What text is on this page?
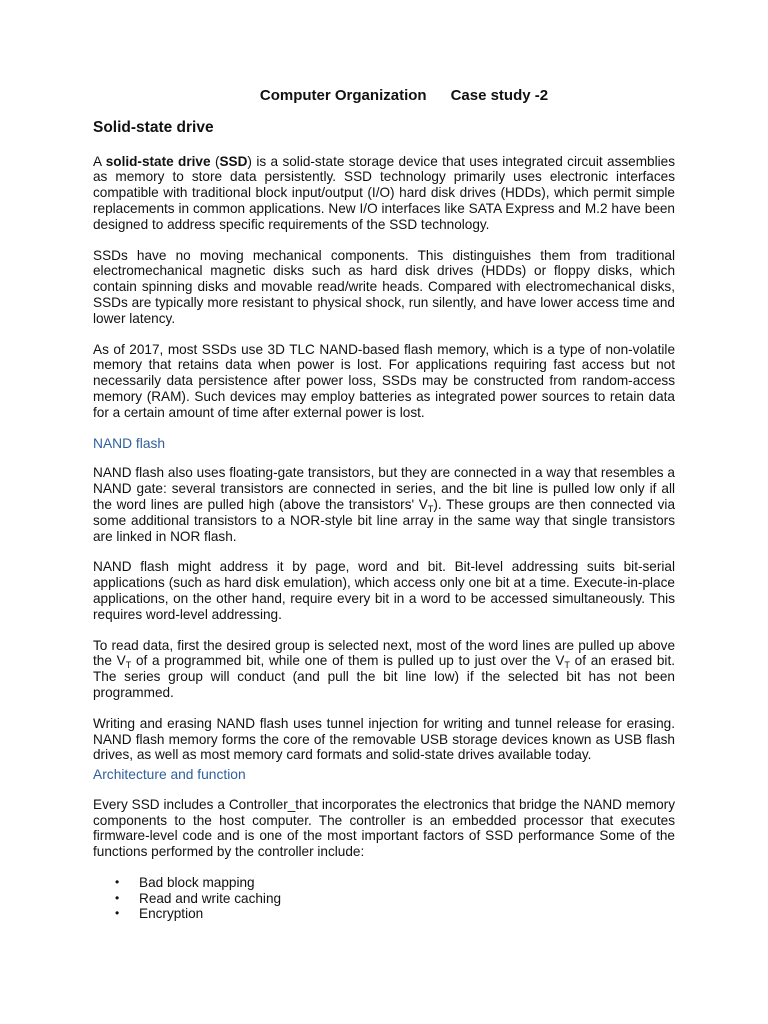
Computer Organization Case study -2
Solid-state drive
A solid-state drive (SSD) is a solid-state storage device that uses integrated circuit assemblies as memory to store data persistently. SSD technology primarily uses electronic interfaces compatible with traditional block input/output (I/O) hard disk drives (HDDs), which permit simple replacements in common applications. New I/O interfaces like SATA Express and M.2 have been designed to address specific requirements of the SSD technology.
SSDs have no moving mechanical components. This distinguishes them from traditional electromechanical magnetic disks such as hard disk drives (HDDs) or floppy disks, which contain spinning disks and movable read/write heads. Compared with electromechanical disks, SSDs are typically more resistant to physical shock, run silently, and have lower access time and lower latency.
As of 2017, most SSDs use 3D TLC NAND-based flash memory, which is a type of non-volatile memory that retains data when power is lost. For applications requiring fast access but not necessarily data persistence after power loss, SSDs may be constructed from random-access memory (RAM). Such devices may employ batteries as integrated power sources to retain data for a certain amount of time after external power is lost.
NAND flash
NAND flash also uses floating-gate transistors, but they are connected in a way that resembles a NAND gate: several transistors are connected in series, and the bit line is pulled low only if all the word lines are pulled high (above the transistors' $V_T$). These groups are then connected via some additional transistors to a NOR-style bit line array in the same way that single transistors are linked in NOR flash.
NAND flash might address it by page, word and bit. Bit-level addressing suits bit-serial applications (such as hard disk emulation), which access only one bit at a time. Execute-in-place applications, on the other hand, require every bit in a word to be accessed simultaneously. This requires word-level addressing.
To read data, first the desired group is selected next, most of the word lines are pulled up above the $V_T$ of a programmed bit, while one of them is pulled up to just over the $V_T$ of an erased bit. The series group will conduct (and pull the bit line low) if the selected bit has not been programmed.
Writing and erasing NAND flash uses tunnel injection for writing and tunnel release for erasing. NAND flash memory forms the core of the removable USB storage devices known as USB flash drives, as well as most memory card formats and solid-state drives available today.
Architecture and function
Every SSD includes a Controller_that incorporates the electronics that bridge the NAND memory components to the host computer. The controller is an embedded processor that executes firmware-level code and is one of the most important factors of SSD performance Some of the functions performed by the controller include:
• Bad block mapping
• Read and write caching
• Encryption
